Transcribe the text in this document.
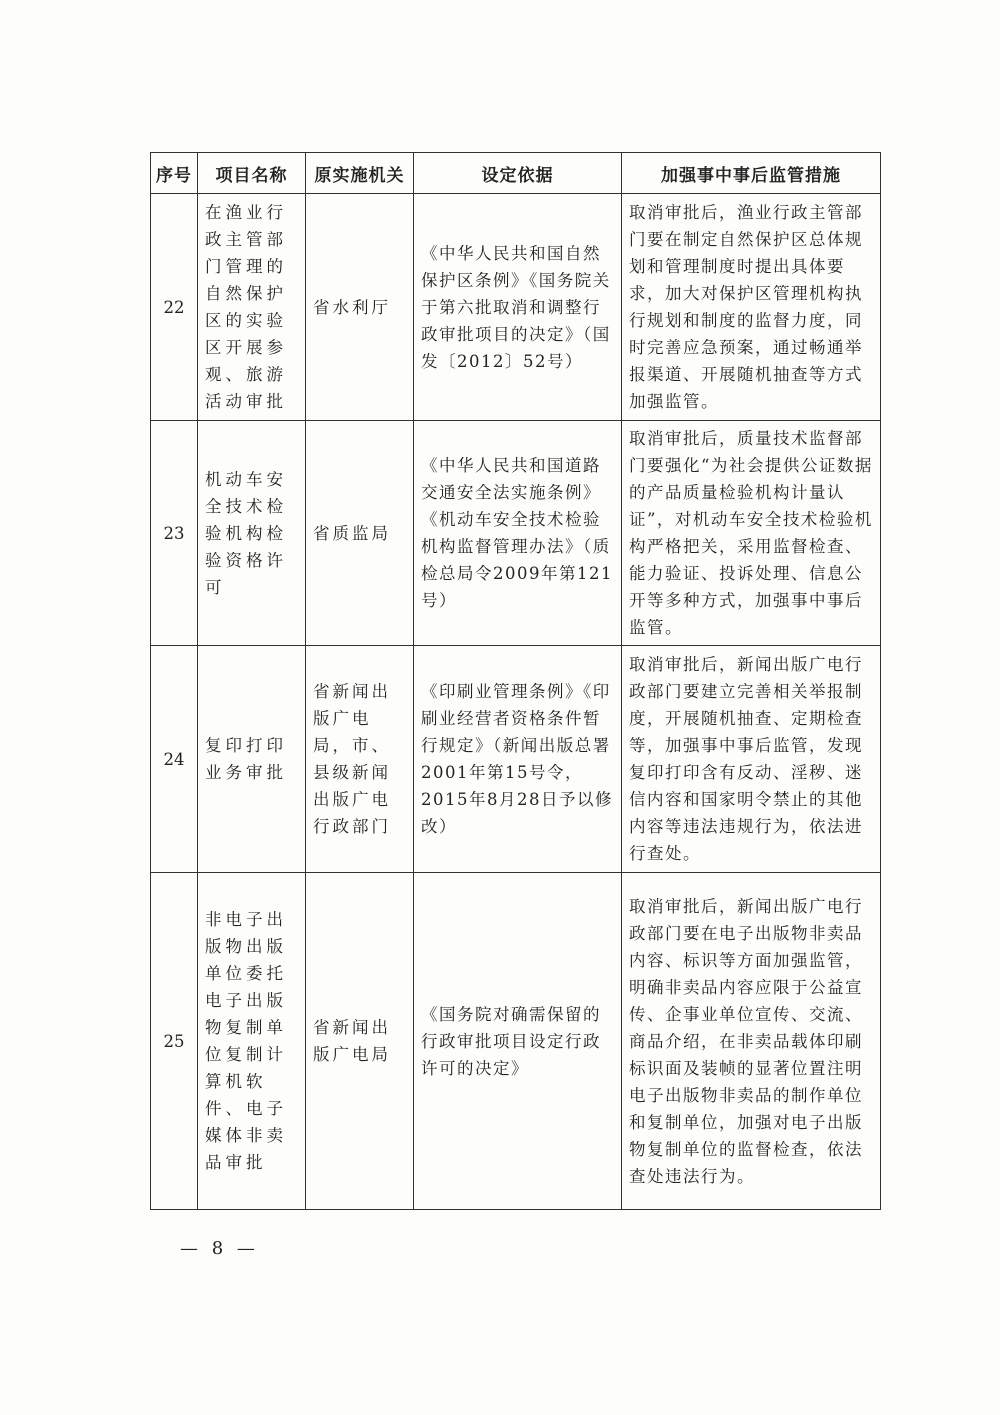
序号	项目名称	原实施机关	设定依据	加强事中事后监管措施
22	在渔业行政主管部门管理的自然保护区的实验区开展参观、旅游活动审批	省水利厅	《中华人民共和国自然保护区条例》《国务院关于第六批取消和调整行政审批项目的决定》（国发〔2012〕52号）	取消审批后，渔业行政主管部门要在制定自然保护区总体规划和管理制度时提出具体要求，加大对保护区管理机构执行规划和制度的监督力度，同时完善应急预案，通过畅通举报渠道、开展随机抽查等方式加强监管。
23	机动车安全技术检验机构检验资格许可	省质监局	《中华人民共和国道路交通安全法实施条例》《机动车安全技术检验机构监督管理办法》（质检总局令2009年第121号）	取消审批后，质量技术监督部门要强化“为社会提供公证数据的产品质量检验机构计量认证”，对机动车安全技术检验机构严格把关，采用监督检查、能力验证、投诉处理、信息公开等多种方式，加强事中事后监管。
24	复印打印业务审批	省新闻出版广电局，市、县级新闻出版广电行政部门	《印刷业管理条例》《印刷业经营者资格条件暂行规定》（新闻出版总署2001年第15号令，2015年8月28日予以修改）	取消审批后，新闻出版广电行政部门要建立完善相关举报制度，开展随机抽查、定期检查等，加强事中事后监管，发现复印打印含有反动、淫秽、迷信内容和国家明令禁止的其他内容等违法违规行为，依法进行查处。
25	非电子出版物出版单位委托电子出版物复制单位复制计算机软件、电子媒体非卖品审批	省新闻出版广电局	《国务院对确需保留的行政审批项目设定行政许可的决定》	取消审批后，新闻出版广电行政部门要在电子出版物非卖品内容、标识等方面加强监管，明确非卖品内容应限于公益宣传、企事业单位宣传、交流、商品介绍，在非卖品载体印刷标识面及装帧的显著位置注明电子出版物非卖品的制作单位和复制单位，加强对电子出版物复制单位的监督检查，依法查处违法行为。
— 8 —
